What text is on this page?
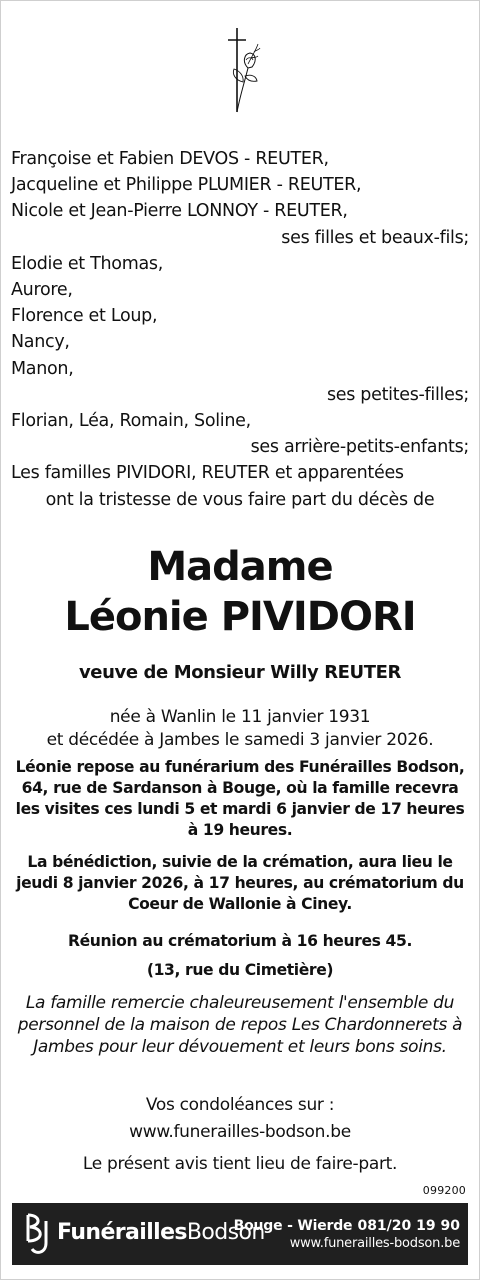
Françoise et Fabien DEVOS - REUTER,
Jacqueline et Philippe PLUMIER - REUTER,
Nicole et Jean-Pierre LONNOY - REUTER,
ses filles et beaux-fils;
Elodie et Thomas,
Aurore,
Florence et Loup,
Nancy,
Manon,
ses petites-filles;
Florian, Léa, Romain, Soline,
ses arrière-petits-enfants;
Les familles PIVIDORI, REUTER et apparentées
ont la tristesse de vous faire part du décès de
Madame
Léonie PIVIDORI
veuve de Monsieur Willy REUTER
née à Wanlin le 11 janvier 1931
et décédée à Jambes le samedi 3 janvier 2026.
Léonie repose au funérarium des Funérailles Bodson, 64, rue de Sardanson à Bouge, où la famille recevra les visites ces lundi 5 et mardi 6 janvier de 17 heures à 19 heures.
La bénédiction, suivie de la crémation, aura lieu le jeudi 8 janvier 2026, à 17 heures, au crématorium du Coeur de Wallonie à Ciney.
Réunion au crématorium à 16 heures 45.
(13, rue du Cimetière)
La famille remercie chaleureusement l'ensemble du personnel de la maison de repos Les Chardonnerets à Jambes pour leur dévouement et leurs bons soins.
Vos condoléances sur :
www.funerailles-bodson.be
Le présent avis tient lieu de faire-part.
099200
FunéraillesBodson
Bouge - Wierde 081/20 19 90
www.funerailles-bodson.be
